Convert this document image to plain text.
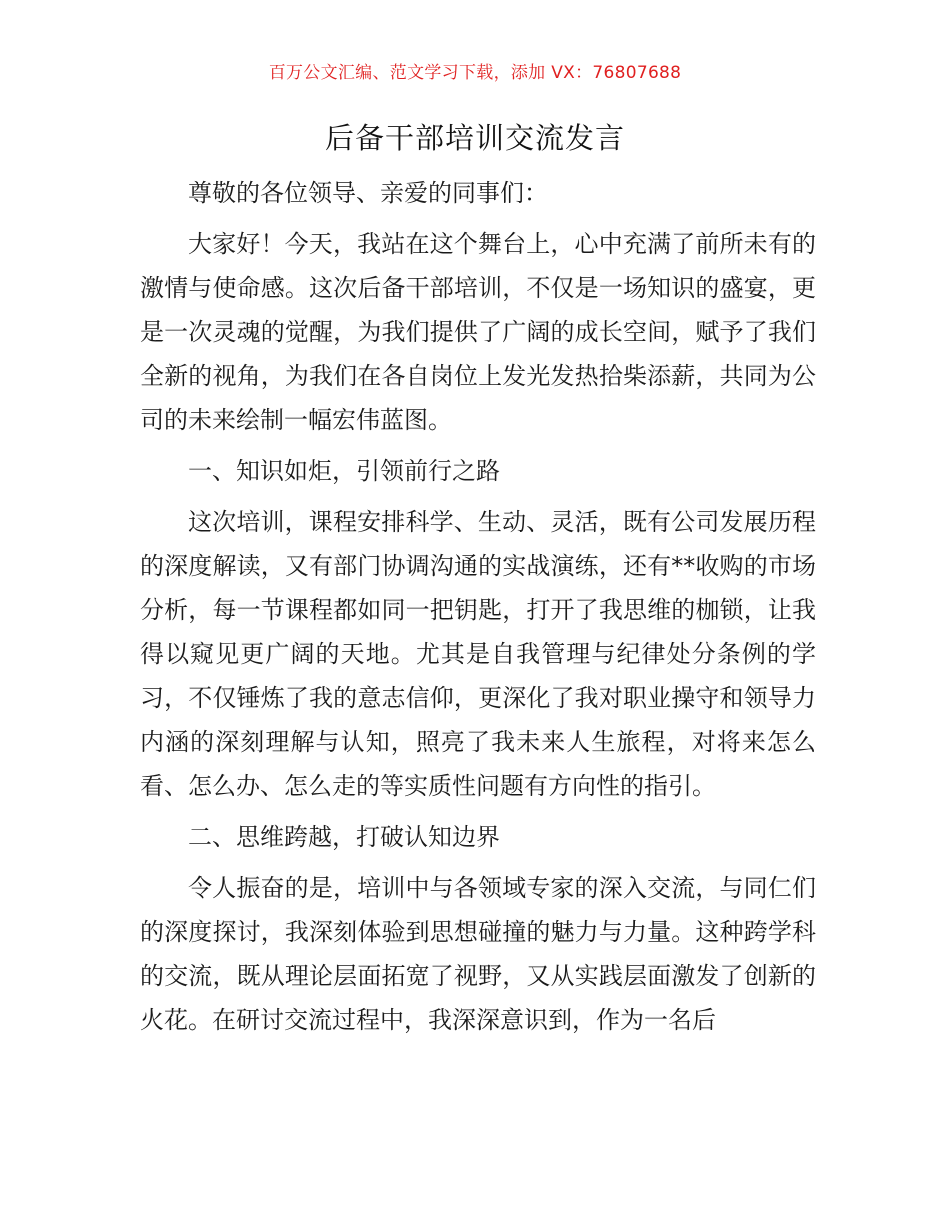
百万公文汇编、范文学习下载，添加 VX：76807688
后备干部培训交流发言

尊敬的各位领导、亲爱的同事们：

大家好！今天，我站在这个舞台上，心中充满了前所未有的激情与使命感。这次后备干部培训，不仅是一场知识的盛宴，更是一次灵魂的觉醒，为我们提供了广阔的成长空间，赋予了我们全新的视角，为我们在各自岗位上发光发热拾柴添薪，共同为公司的未来绘制一幅宏伟蓝图。

一、知识如炬，引领前行之路

这次培训，课程安排科学、生动、灵活，既有公司发展历程的深度解读，又有部门协调沟通的实战演练，还有**收购的市场分析，每一节课程都如同一把钥匙，打开了我思维的枷锁，让我得以窥见更广阔的天地。尤其是自我管理与纪律处分条例的学习，不仅锤炼了我的意志信仰，更深化了我对职业操守和领导力内涵的深刻理解与认知，照亮了我未来人生旅程，对将来怎么看、怎么办、怎么走的等实质性问题有方向性的指引。

二、思维跨越，打破认知边界

令人振奋的是，培训中与各领域专家的深入交流，与同仁们的深度探讨，我深刻体验到思想碰撞的魅力与力量。这种跨学科的交流，既从理论层面拓宽了视野，又从实践层面激发了创新的火花。在研讨交流过程中，我深深意识到，作为一名后
